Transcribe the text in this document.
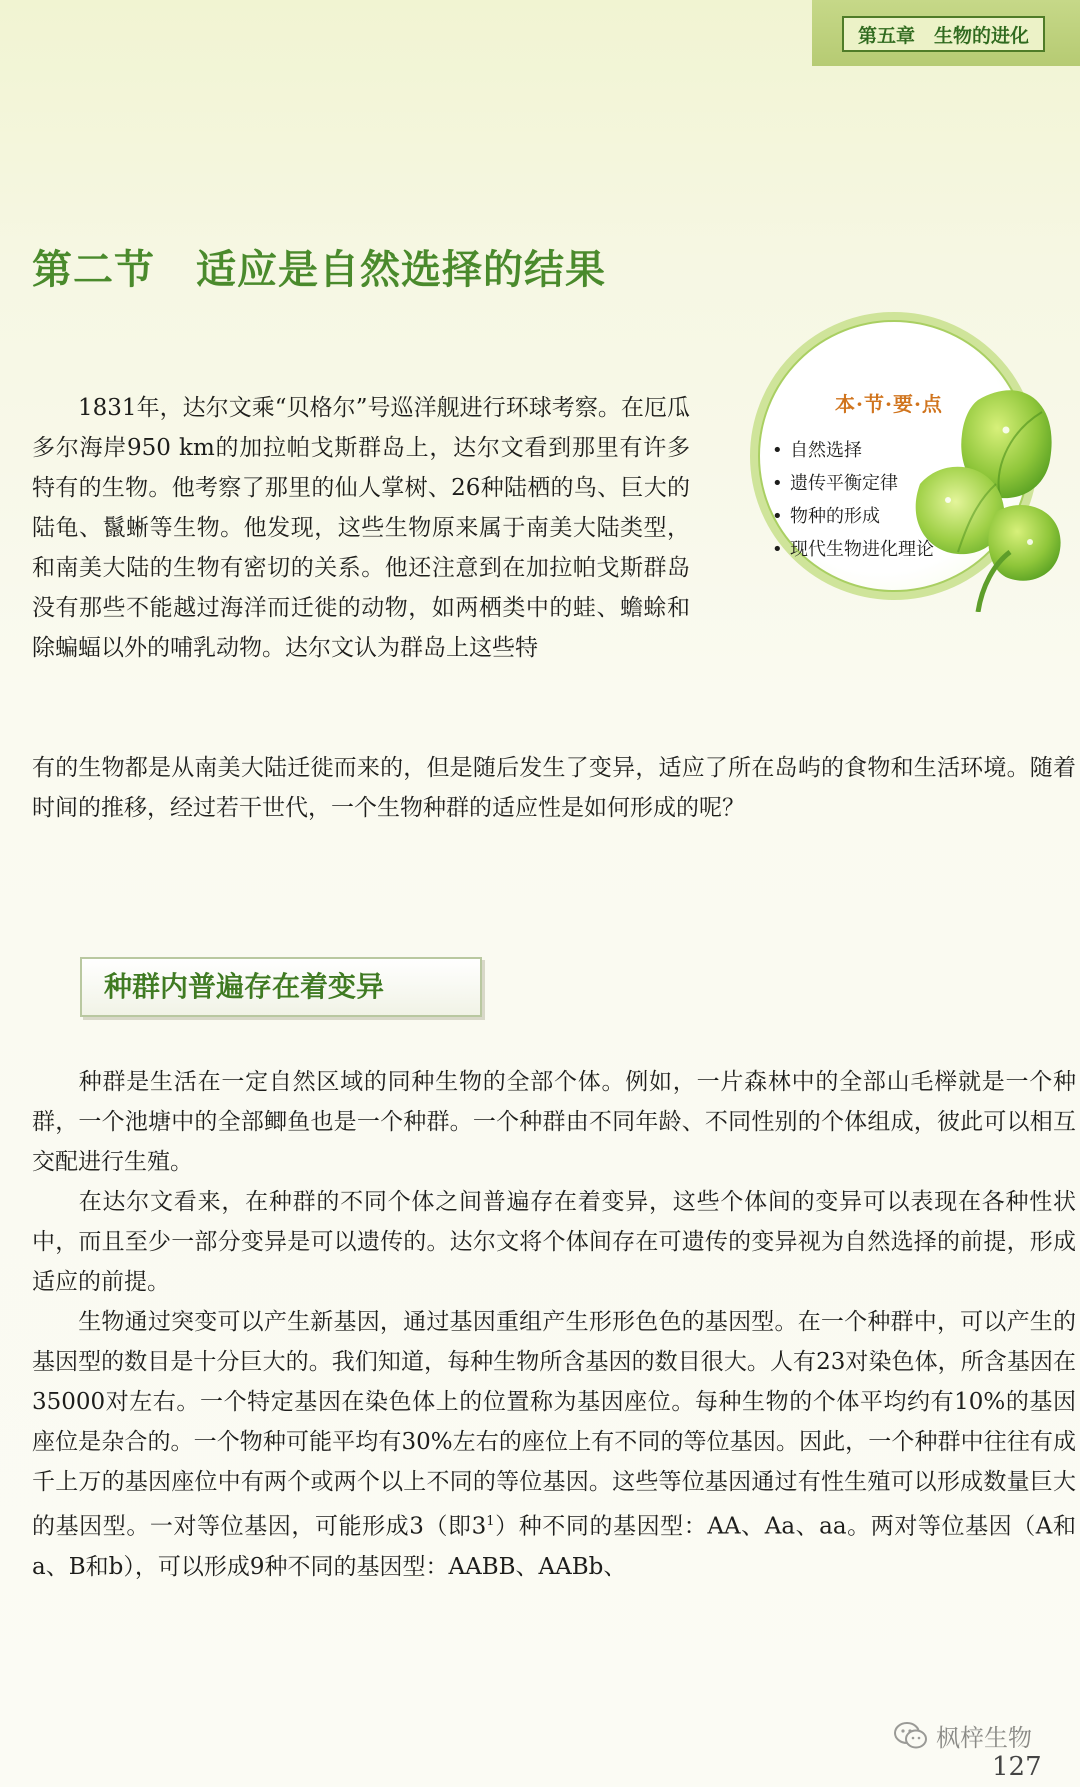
第五章　生物的进化
第二节　适应是自然选择的结果

1831年，达尔文乘“贝格尔”号巡洋舰进行环球考察。在厄瓜多尔海岸950 km的加拉帕戈斯群岛上，达尔文看到那里有许多特有的生物。他考察了那里的仙人掌树、26种陆栖的鸟、巨大的陆龟、鬣蜥等生物。他发现，这些生物原来属于南美大陆类型，和南美大陆的生物有密切的关系。他还注意到在加拉帕戈斯群岛没有那些不能越过海洋而迁徙的动物，如两栖类中的蛙、蟾蜍和除蝙蝠以外的哺乳动物。达尔文认为群岛上这些特

本·节·要·点
• 自然选择
• 遗传平衡定律
• 物种的形成
• 现代生物进化理论

有的生物都是从南美大陆迁徙而来的，但是随后发生了变异，适应了所在岛屿的食物和生活环境。随着时间的推移，经过若干世代，一个生物种群的适应性是如何形成的呢？

种群内普遍存在着变异

种群是生活在一定自然区域的同种生物的全部个体。例如，一片森林中的全部山毛榉就是一个种群，一个池塘中的全部鲫鱼也是一个种群。一个种群由不同年龄、不同性别的个体组成，彼此可以相互交配进行生殖。

在达尔文看来，在种群的不同个体之间普遍存在着变异，这些个体间的变异可以表现在各种性状中，而且至少一部分变异是可以遗传的。达尔文将个体间存在可遗传的变异视为自然选择的前提，形成适应的前提。

生物通过突变可以产生新基因，通过基因重组产生形形色色的基因型。在一个种群中，可以产生的基因型的数目是十分巨大的。我们知道，每种生物所含基因的数目很大。人有23对染色体，所含基因在35000对左右。一个特定基因在染色体上的位置称为基因座位。每种生物的个体平均约有10%的基因座位是杂合的。一个物种可能平均有30%左右的座位上有不同的等位基因。因此，一个种群中往往有成千上万的基因座位中有两个或两个以上不同的等位基因。这些等位基因通过有性生殖可以形成数量巨大的基因型。一对等位基因，可能形成3（即$3^1$）种不同的基因型：AA、Aa、aa。两对等位基因（A和a、B和b），可以形成9种不同的基因型：AABB、AABb、

枫梓生物
127
